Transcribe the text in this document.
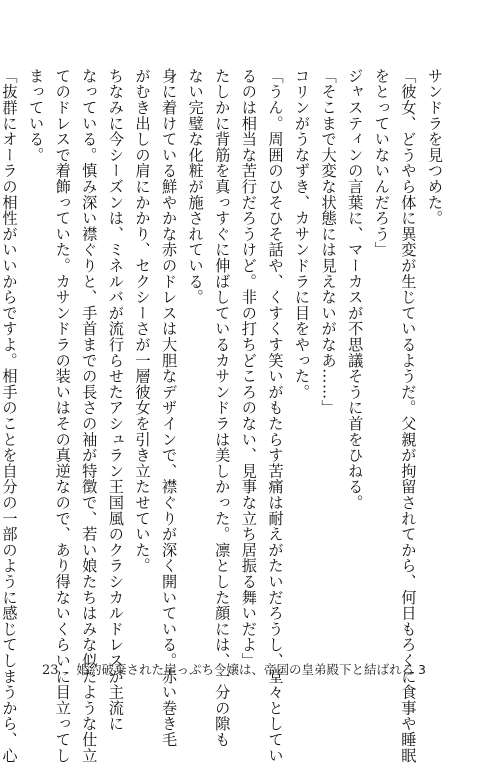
サンドラを見つめた。
「彼女、どうやら体に異変が生じているようだ。父親が拘留されてから、何日もろくに食事や睡眠
をとっていないんだろう」
ジャスティンの言葉に、マーカスが不思議そうに首をひねる。
「そこまで大変な状態には見えないがなあ……」
コリンがうなずき、カサンドラに目をやった。
「うん。周囲のひそひそ話や、くすくす笑いがもたらす苦痛は耐えがたいだろうし、堂々としてい
るのは相当な苦行だろうけど。非の打ちどころのない、見事な立ち居振る舞いだよ」
たしかに背筋を真っすぐに伸ばしているカサンドラは美しかった。凛とした顔には、一分の隙も
ない完璧な化粧が施されている。
身に着けている鮮やかな赤のドレスは大胆なデザインで、襟ぐりが深く開いている。赤い巻き毛
がむき出しの肩にかかり、セクシーさが一層彼女を引き立たせていた。
ちなみに今シーズンは、ミネルバが流行らせたアシュラン王国風のクラシカルドレスが主流に
なっている。慎み深い襟ぐりと、手首までの長さの袖が特徴で、若い娘たちはみな似たような仕立
てのドレスで着飾っていた。カサンドラの装いはその真逆なので、あり得ないくらいに目立ってし
まっている。
「抜群にオーラの相性がいいからですよ。相手のことを自分の一部のように感じてしまうから、心	23 婚約破棄された崖っぷち令嬢は、帝国の皇弟殿下と結ばれる 3
